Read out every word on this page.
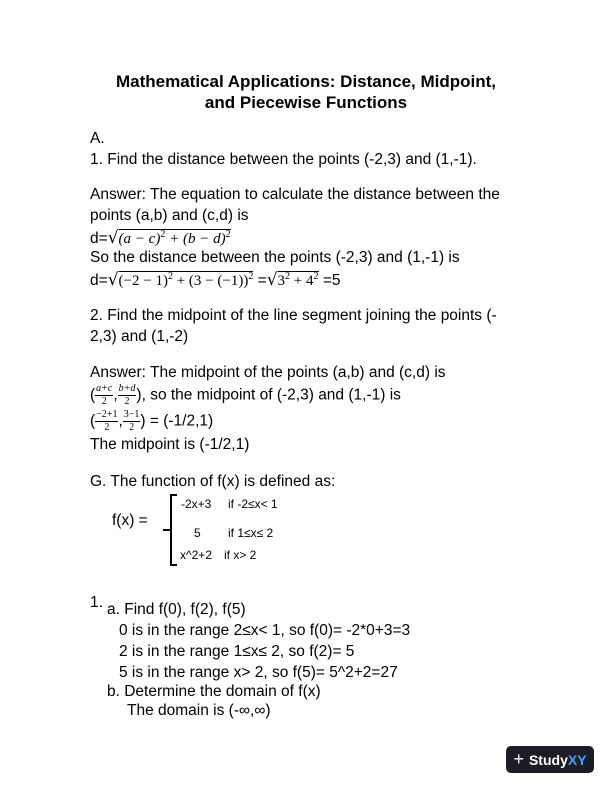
Mathematical Applications: Distance, Midpoint,
and Piecewise Functions
A.
1. Find the distance between the points (-2,3) and (1,-1).
Answer: The equation to calculate the distance between the
points (a,b) and (c,d) is
$d=√(a - c)^2 + (b - d)^2$
So the distance between the points (-2,3) and (1,-1) is
$d=√(-2 - 1)^2 + (3 - (-1))^2 =√3^2 + 4^2 =5$
2. Find the midpoint of the line segment joining the points (-
2,3) and (1,-2)
Answer: The midpoint of the points (a,b) and (c,d) is
( $\frac{a+c}{2}$ , $\frac{b+d}{2}$ ), so the midpoint of (-2,3) and (1,-1) is
( $\frac{-2+1}{2}$ , $\frac{3-1}{2}$ ) = (-1/2,1)
The midpoint is (-1/2,1)
G. The function of f(x) is defined as:
f(x) =
-2x+3 if -2≤x< 1
5 if 1≤x≤ 2
x^2+2 if x> 2
1. a. Find f(0), f(2), f(5)
0 is in the range 2≤x< 1, so f(0)= -2*0+3=3
2 is in the range 1≤x≤ 2, so f(2)= 5
5 is in the range x> 2, so f(5)= 5^2+2=27
b. Determine the domain of f(x)
The domain is (-∞,∞)
+ StudyXY
